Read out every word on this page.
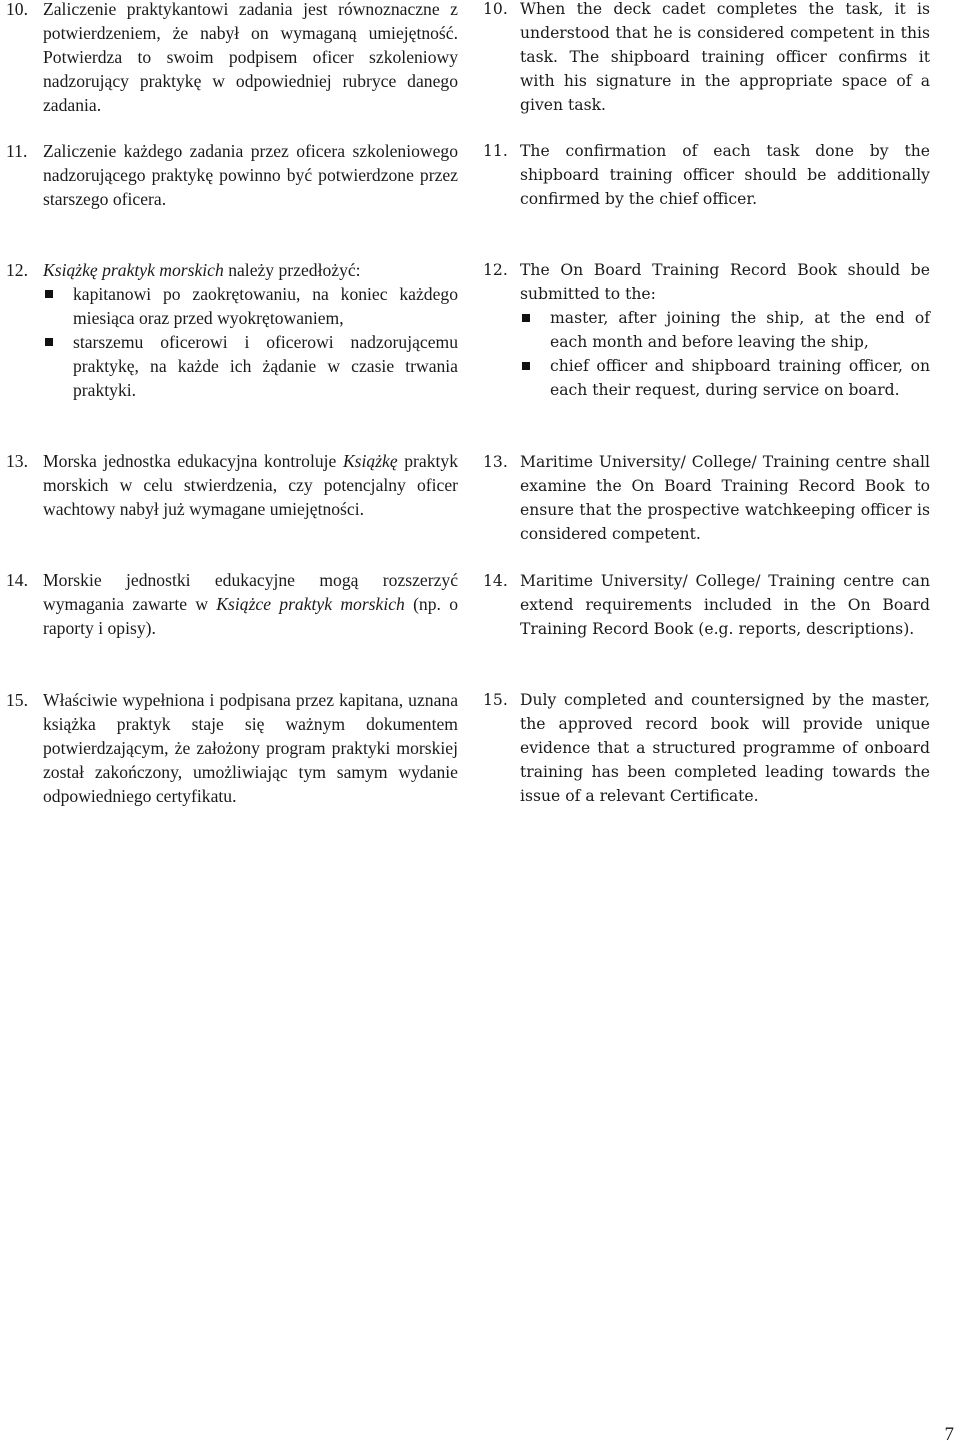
10. Zaliczenie praktykantowi zadania jest równoznaczne z potwierdzeniem, że nabył on wymaganą umiejętność. Potwierdza to swoim podpisem oficer szkoleniowy nadzorujący praktykę w odpowiedniej rubryce danego zadania.

11. Zaliczenie każdego zadania przez oficera szkoleniowego nadzorującego praktykę powinno być potwierdzone przez starszego oficera.

12. Książkę praktyk morskich należy przedłożyć:

kapitanowi po zaokrętowaniu, na koniec każdego miesiąca oraz przed wyokrętowaniem,
starszemu oficerowi i oficerowi nadzorującemu praktykę, na każde ich żądanie w czasie trwania praktyki.
13. Morska jednostka edukacyjna kontroluje Książkę praktyk morskich w celu stwierdzenia, czy potencjalny oficer wachtowy nabył już wymagane umiejętności.

14. Morskie jednostki edukacyjne mogą rozszerzyć wymagania zawarte w Książce praktyk morskich (np. o raporty i opisy).

15. Właściwie wypełniona i podpisana przez kapitana, uznana książka praktyk staje się ważnym dokumentem potwierdzającym, że założony program praktyki morskiej został zakończony, umożliwiając tym samym wydanie odpowiedniego certyfikatu.

10. When the deck cadet completes the task, it is understood that he is considered competent in this task. The shipboard training officer confirms it with his signature in the appropriate space of a given task.

11. The confirmation of each task done by the shipboard training officer should be additionally confirmed by the chief officer.

12. The On Board Training Record Book should be submitted to the:

master, after joining the ship, at the end of each month and before leaving the ship,
chief officer and shipboard training officer, on each their request, during service on board.
13. Maritime University/ College/ Training centre shall examine the On Board Training Record Book to ensure that the prospective watchkeeping officer is considered competent.

14. Maritime University/ College/ Training centre can extend requirements included in the On Board Training Record Book (e.g. reports, descriptions).

15. Duly completed and countersigned by the master, the approved record book will provide unique evidence that a structured programme of onboard training has been completed leading towards the issue of a relevant Certificate.

7
